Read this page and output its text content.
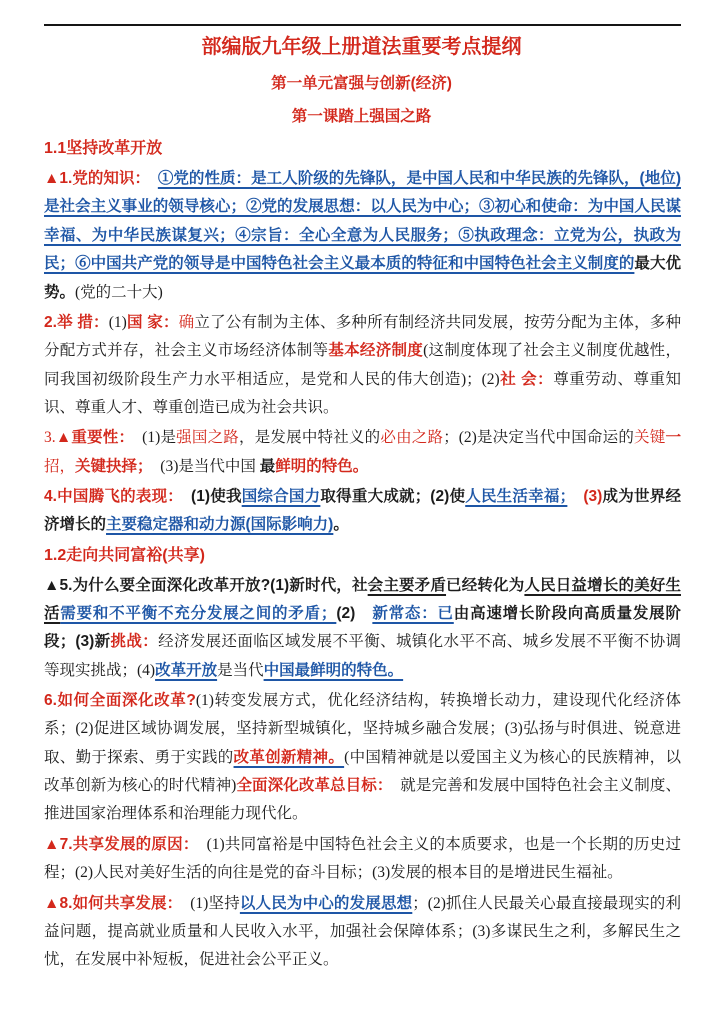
部编版九年级上册道法重要考点提纲
第一单元富强与创新(经济)
第一课踏上强国之路
1.1坚持改革开放

▲1.党的知识：　①党的性质：是工人阶级的先锋队，是中国人民和中华民族的先锋队，(地位)是社会主义事业的领导核心；②党的发展思想：以人民为中心；③初心和使命：为中国人民谋幸福、为中华民族谋复兴；④宗旨：全心全意为人民服务；⑤执政理念：立党为公，执政为民；⑥中国共产党的领导是中国特色社会主义最本质的特征和中国特色社会主义制度的最大优势。(党的二十大)

2.举 措：(1)国 家：确立了公有制为主体、多种所有制经济共同发展，按劳分配为主体，多种分配方式并存，社会主义市场经济体制等基本经济制度(这制度体现了社会主义制度优越性，同我国初级阶段生产力水平相适应，是党和人民的伟大创造)；(2)社 会：尊重劳动、尊重知识、尊重人才、尊重创造已成为社会共识。

3.▲重要性：　(1)是强国之路，是发展中特社义的必由之路；(2)是决定当代中国命运的关键一招，关键抉择；　(3)是当代中国 最鲜明的特色。

4.中国腾飞的表现：　(1)使我国综合国力取得重大成就；(2)使人民生活幸福；　(3)成为世界经济增长的主要稳定器和动力源(国际影响力)。

1.2走向共同富裕(共享)

▲5.为什么要全面深化改革开放?(1)新时代，社会主要矛盾已经转化为人民日益增长的美好生活需要和不平衡不充分发展之间的矛盾；(2)　新常态：已由高速增长阶段向高质量发展阶段；(3)新挑战：经济发展还面临区域发展不平衡、城镇化水平不高、城乡发展不平衡不协调等现实挑战；(4)改革开放是当代中国最鲜明的特色。

6.如何全面深化改革?(1)转变发展方式，优化经济结构，转换增长动力，建设现代化经济体系；(2)促进区域协调发展，坚持新型城镇化，坚持城乡融合发展；(3)弘扬与时俱进、锐意进取、勤于探索、勇于实践的改革创新精神。(中国精神就是以爱国主义为核心的民族精神，以改革创新为核心的时代精神)全面深化改革总目标：　就是完善和发展中国特色社会主义制度、推进国家治理体系和治理能力现代化。

▲7.共享发展的原因：　(1)共同富裕是中国特色社会主义的本质要求，也是一个长期的历史过程；(2)人民对美好生活的向往是党的奋斗目标；(3)发展的根本目的是增进民生福祉。

▲8.如何共享发展：　(1)坚持以人民为中心的发展思想；(2)抓住人民最关心最直接最现实的利益问题，提高就业质量和人民收入水平，加强社会保障体系；(3)多谋民生之利，多解民生之忧，在发展中补短板，促进社会公平正义。
